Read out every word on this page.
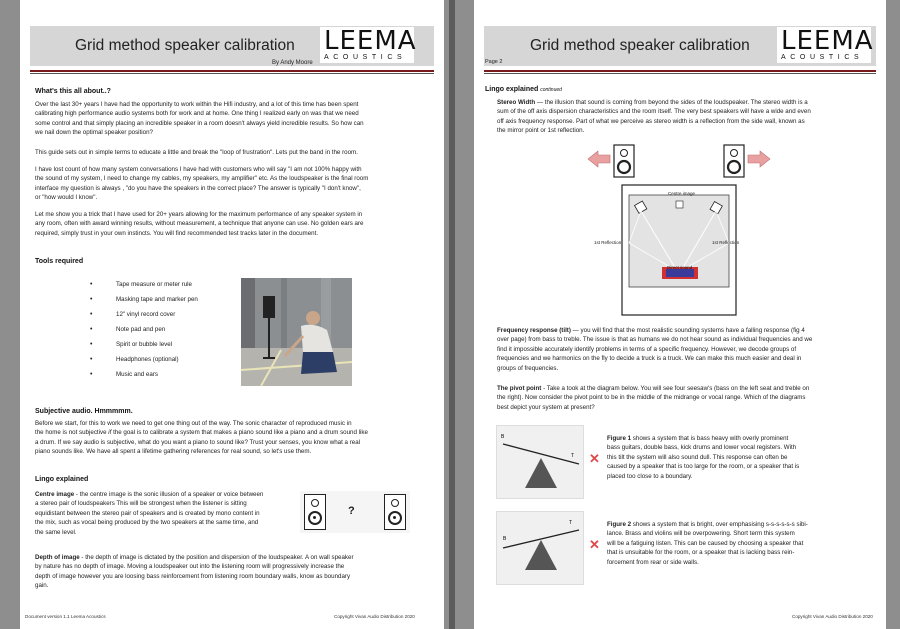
Grid method speaker calibration LEEMA
ACOUSTICS
By Andy Moore
What's this all about..?
Over the last 30+ years I have had the opportunity to work within the Hifi industry, and a lot of this time has been spent
calibrating high performance audio systems both for work and at home. One thing I realized early on was that we need
some control and that simply placing an incredible speaker in a room doesn't always yield incredible results. So how can
we nail down the optimal speaker position?
This guide sets out in simple terms to educate a little and break the "loop of frustration". Lets put the band in the room.
I have lost count of how many system conversations I have had with customers who will say "I am not 100% happy with
the sound of my system, I need to change my cables, my speakers, my amplifier" etc. As the loudspeaker is the final room
interface my question is always , "do you have the speakers in the correct place? The answer is typically "I don't know",
or "how would I know".
Let me show you a trick that I have used for 20+ years allowing for the maximum performance of any speaker system in
any room, often with award winning results, without measurement, a technique that anyone can use. No golden ears are
required, simply trust in your own instincts. You will find recommended test tracks later in the document.
Tools required
• Tape measure or meter rule
• Masking tape and marker pen
• 12" vinyl record cover
• Note pad and pen
• Spirit or bubble level
• Headphones (optional)
• Music and ears
Subjective audio. Hmmmmm.
Before we start, for this to work we need to get one thing out of the way. The sonic character of reproduced music in
the home is not subjective if the goal is to calibrate a system that makes a piano sound like a piano and a drum sound like
a drum. If we say audio is subjective, what do you want a piano to sound like? Trust your senses, you know what a real
piano sounds like. We have all spent a lifetime gathering references for real sound, so let's use them.
Lingo explained
Centre image - the centre image is the sonic illusion of a speaker or voice between
a stereo pair of loudspeakers This will be strongest when the listener is sitting
equidistant between the stereo pair of speakers and is created by mono content in
the mix, such as vocal being produced by the two speakers at the same time, and
the same level.
?
Depth of image - the depth of image is dictated by the position and dispersion of the loudspeaker. A on wall speaker
by nature has no depth of image. Moving a loudspeaker out into the listening room will progressively increase the
depth of image however you are loosing bass reinforcement from listening room boundary walls, know as boundary
gain.
Document version 1.1 Leema Acoustics	Copyright Vivan Audio Distribution 2020
Grid method speaker calibration LEEMA
ACOUSTICS
Page 2
Lingo explained continued
Stereo Width — the illusion that sound is coming from beyond the sides of the loudspeaker. The stereo width is a
sum of the off axis dispersion characteristics and the room itself. The very best speakers will have a wide and even
off axis frequency response. Part of what we perceive as stereo width is a reflection from the side wall, known as
the mirror point or 1st reflection.
Centre image
1st Reflection	1st Reflection
Direct sound
Frequency response (tilt) — you will find that the most realistic sounding systems have a falling response (fig 4
over page) from bass to treble. The issue is that as humans we do not hear sound as individual frequencies and we
find it impossible accurately identify problems in terms of a specific frequency. However, we decode groups of
frequencies and we harmonics on the fly to decide a truck is a truck. We can make this much easier and deal in
groups of frequencies.
The pivot point - Take a took at the diagram below. You will see four seesaw's (bass on the left seat and treble on
the right). Now consider the pivot point to be in the middle of the midrange or vocal range. Which of the diagrams
best depict your system at present?
B
T ✕
Figure 1 shows a system that is bass heavy with overly prominent
bass guitars, double bass, kick drums and lower vocal registers. With
this tilt the system will also sound dull. This response can often be
caused by a speaker that is too large for the room, or a speaker that is
placed too close to a boundary.
B
T
✕
Figure 2 shows a system that is bright, over emphasising s-s-s-s-s-s sibi-
lance. Brass and violins will be overpowering. Short term this system
will be a fatiguing listen. This can be caused by choosing a speaker that
that is unsuitable for the room, or a speaker that is lacking bass rein-
forcement from rear or side walls.
Copyright Vivan Audio Distribution 2020
